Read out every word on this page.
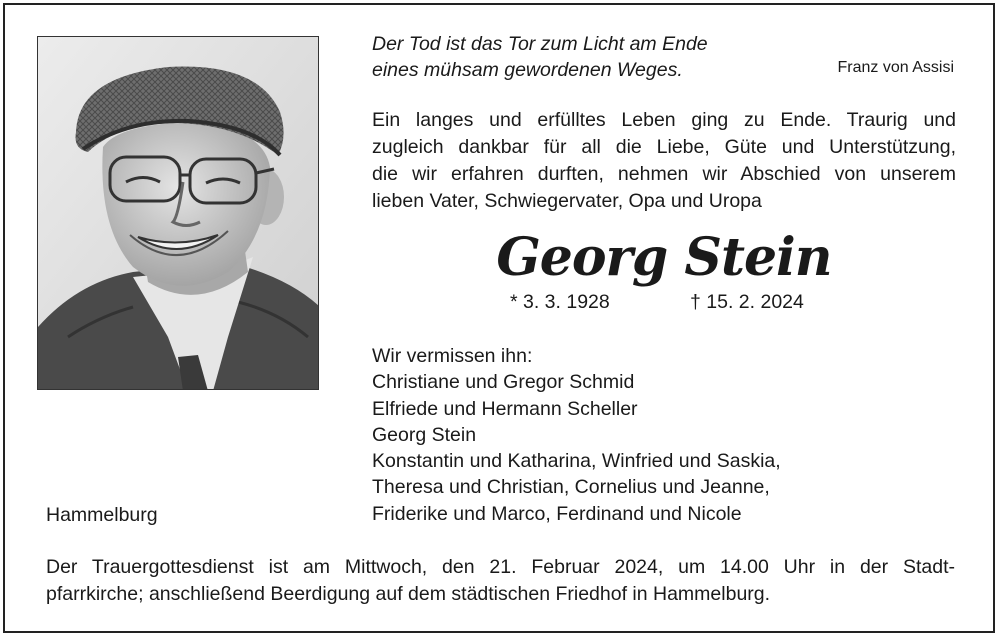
Der Tod ist das Tor zum Licht am Ende
eines mühsam gewordenen Weges.	Franz von Assisi
Ein langes und erfülltes Leben ging zu Ende. Traurig und
zugleich dankbar für all die Liebe, Güte und Unterstützung,
die wir erfahren durften, nehmen wir Abschied von unserem
lieben Vater, Schwiegervater, Opa und Uropa
Georg Stein
* 3. 3. 1928	† 15. 2. 2024
Wir vermissen ihn:
Christiane und Gregor Schmid
Elfriede und Hermann Scheller
Georg Stein
Konstantin und Katharina, Winfried und Saskia,
Theresa und Christian, Cornelius und Jeanne,
Friderike und Marco, Ferdinand und Nicole
Hammelburg
Der Trauergottesdienst ist am Mittwoch, den 21. Februar 2024, um 14.00 Uhr in der Stadt-
pfarrkirche; anschließend Beerdigung auf dem städtischen Friedhof in Hammelburg.
